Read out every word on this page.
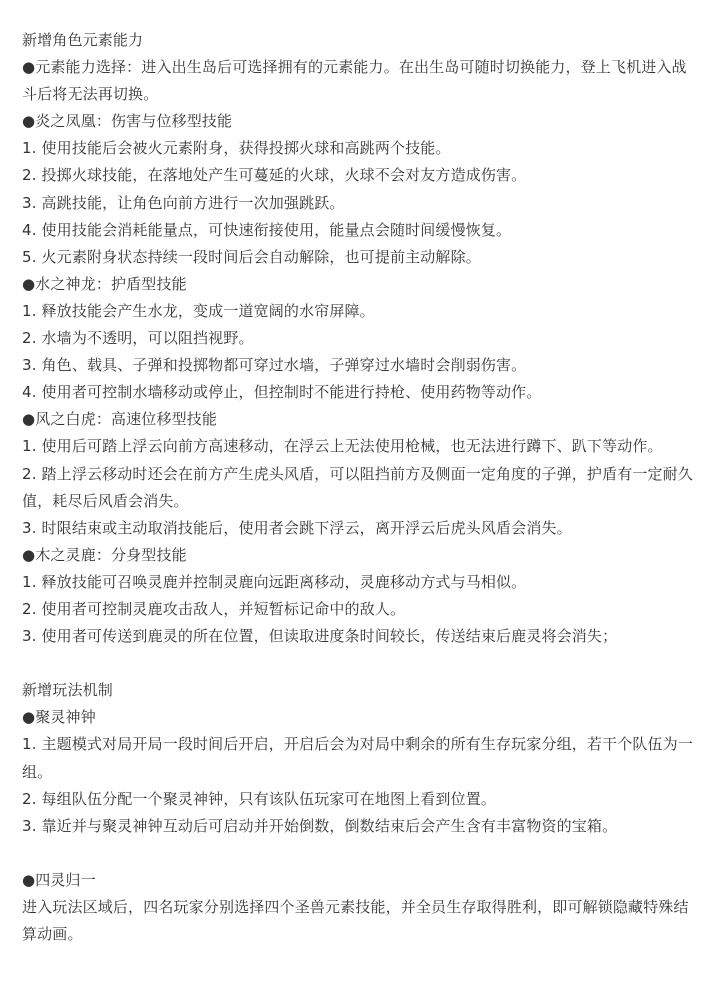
新增角色元素能力

●元素能力选择：进入出生岛后可选择拥有的元素能力。在出生岛可随时切换能力，登上飞机进入战斗后将无法再切换。

●炎之凤凰：伤害与位移型技能

1. 使用技能后会被火元素附身，获得投掷火球和高跳两个技能。

2. 投掷火球技能，在落地处产生可蔓延的火球，火球不会对友方造成伤害。

3. 高跳技能，让角色向前方进行一次加强跳跃。

4. 使用技能会消耗能量点，可快速衔接使用，能量点会随时间缓慢恢复。

5. 火元素附身状态持续一段时间后会自动解除，也可提前主动解除。

●水之神龙：护盾型技能

1. 释放技能会产生水龙，变成一道宽阔的水帘屏障。

2. 水墙为不透明，可以阻挡视野。

3. 角色、载具、子弹和投掷物都可穿过水墙，子弹穿过水墙时会削弱伤害。

4. 使用者可控制水墙移动或停止，但控制时不能进行持枪、使用药物等动作。

●风之白虎：高速位移型技能

1. 使用后可踏上浮云向前方高速移动，在浮云上无法使用枪械，也无法进行蹲下、趴下等动作。

2. 踏上浮云移动时还会在前方产生虎头风盾，可以阻挡前方及侧面一定角度的子弹，护盾有一定耐久值，耗尽后风盾会消失。

3. 时限结束或主动取消技能后，使用者会跳下浮云，离开浮云后虎头风盾会消失。

●木之灵鹿：分身型技能

1. 释放技能可召唤灵鹿并控制灵鹿向远距离移动，灵鹿移动方式与马相似。

2. 使用者可控制灵鹿攻击敌人，并短暂标记命中的敌人。

3. 使用者可传送到鹿灵的所在位置，但读取进度条时间较长，传送结束后鹿灵将会消失；

新增玩法机制

●聚灵神钟

1. 主题模式对局开局一段时间后开启，开启后会为对局中剩余的所有生存玩家分组，若干个队伍为一组。

2. 每组队伍分配一个聚灵神钟，只有该队伍玩家可在地图上看到位置。

3. 靠近并与聚灵神钟互动后可启动并开始倒数，倒数结束后会产生含有丰富物资的宝箱。

●四灵归一

进入玩法区域后，四名玩家分别选择四个圣兽元素技能，并全员生存取得胜利，即可解锁隐藏特殊结算动画。
